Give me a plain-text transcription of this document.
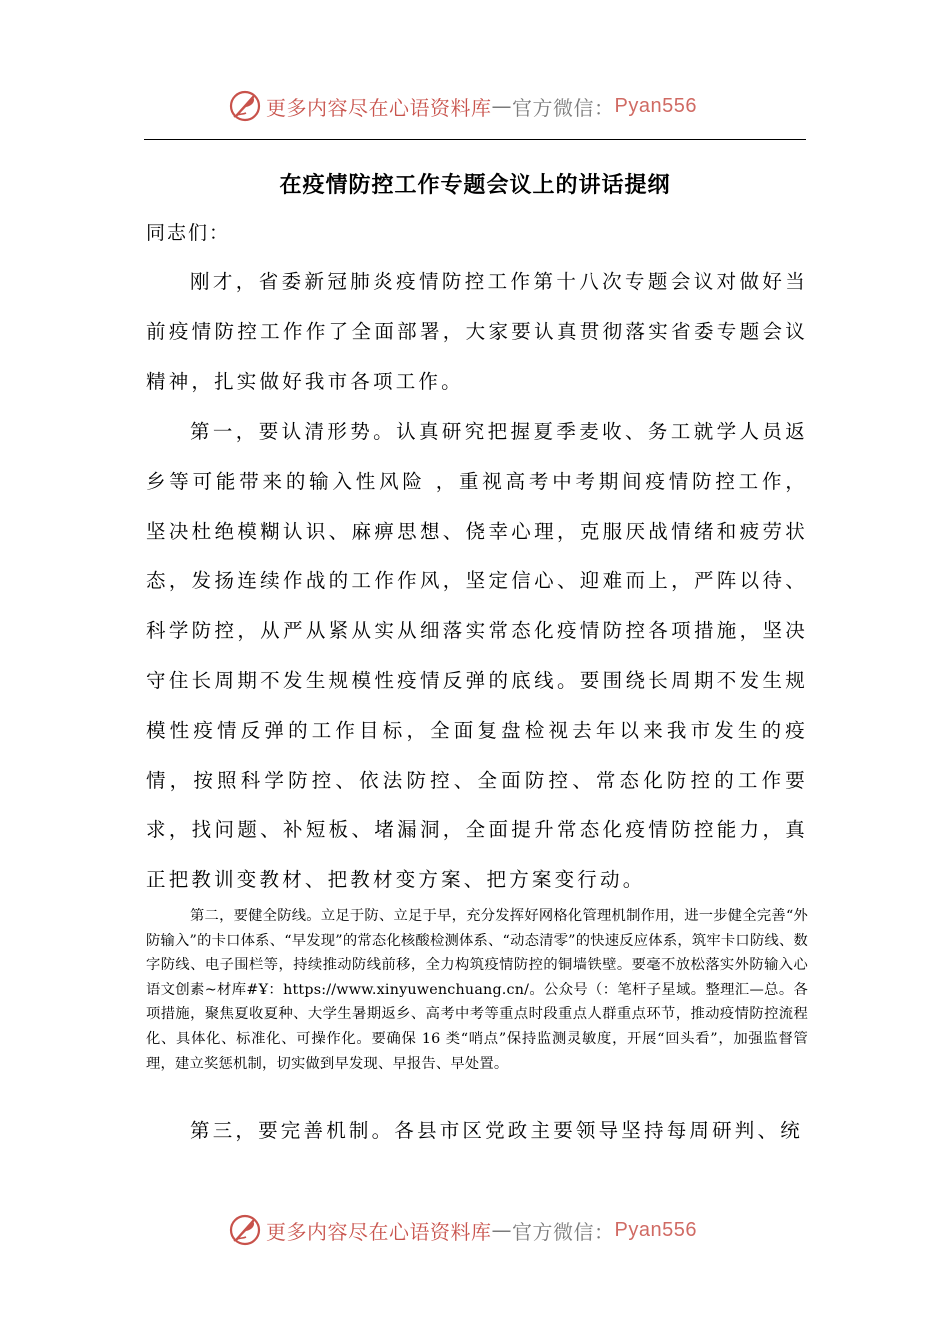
更多内容尽在心语资料库 — 官方微信： Pyan556
在疫情防控工作专题会议上的讲话提纲
同志们：

刚才，省委新冠肺炎疫情防控工作第十八次专题会议对做好当前疫情防控工作作了全面部署，大家要认真贯彻落实省委专题会议精神，扎实做好我市各项工作。

第一，要认清形势。认真研究把握夏季麦收、务工就学人员返乡等可能带来的输入性风险 ，重视高考中考期间疫情防控工作，坚决杜绝模糊认识、麻痹思想、侥幸心理，克服厌战情绪和疲劳状态，发扬连续作战的工作作风，坚定信心、迎难而上，严阵以待、科学防控，从严从紧从实从细落实常态化疫情防控各项措施，坚决守住长周期不发生规模性疫情反弹的底线。要围绕长周期不发生规模性疫情反弹的工作目标，全面复盘检视去年以来我市发生的疫情，按照科学防控、依法防控、全面防控、常态化防控的工作要求，找问题、补短板、堵漏洞，全面提升常态化疫情防控能力，真正把教训变教材、把教材变方案、把方案变行动。

第二，要健全防线。立足于防、立足于早，充分发挥好网格化管理机制作用，进一步健全完善“外防输入”的卡口体系、“早发现”的常态化核酸检测体系、“动态清零”的快速反应体系，筑牢卡口防线、数字防线、电子围栏等，持续推动防线前移，全力构筑疫情防控的铜墙铁壁。要毫不放松落实外防输入心语文创素~材库#Ұ：https://www.xinyuwenchuang.cn/。公众号（：笔杆子星域。整理汇—总。各项措施，聚焦夏收夏种、大学生暑期返乡、高考中考等重点时段重点人群重点环节，推动疫情防控流程化、具体化、标准化、可操作化。要确保 16 类“哨点”保持监测灵敏度，开展“回头看”，加强监督管理，建立奖惩机制，切实做到早发现、早报告、早处置。

第三，要完善机制。各县市区党政主要领导坚持每周研判、统

更多内容尽在心语资料库 — 官方微信： Pyan556
